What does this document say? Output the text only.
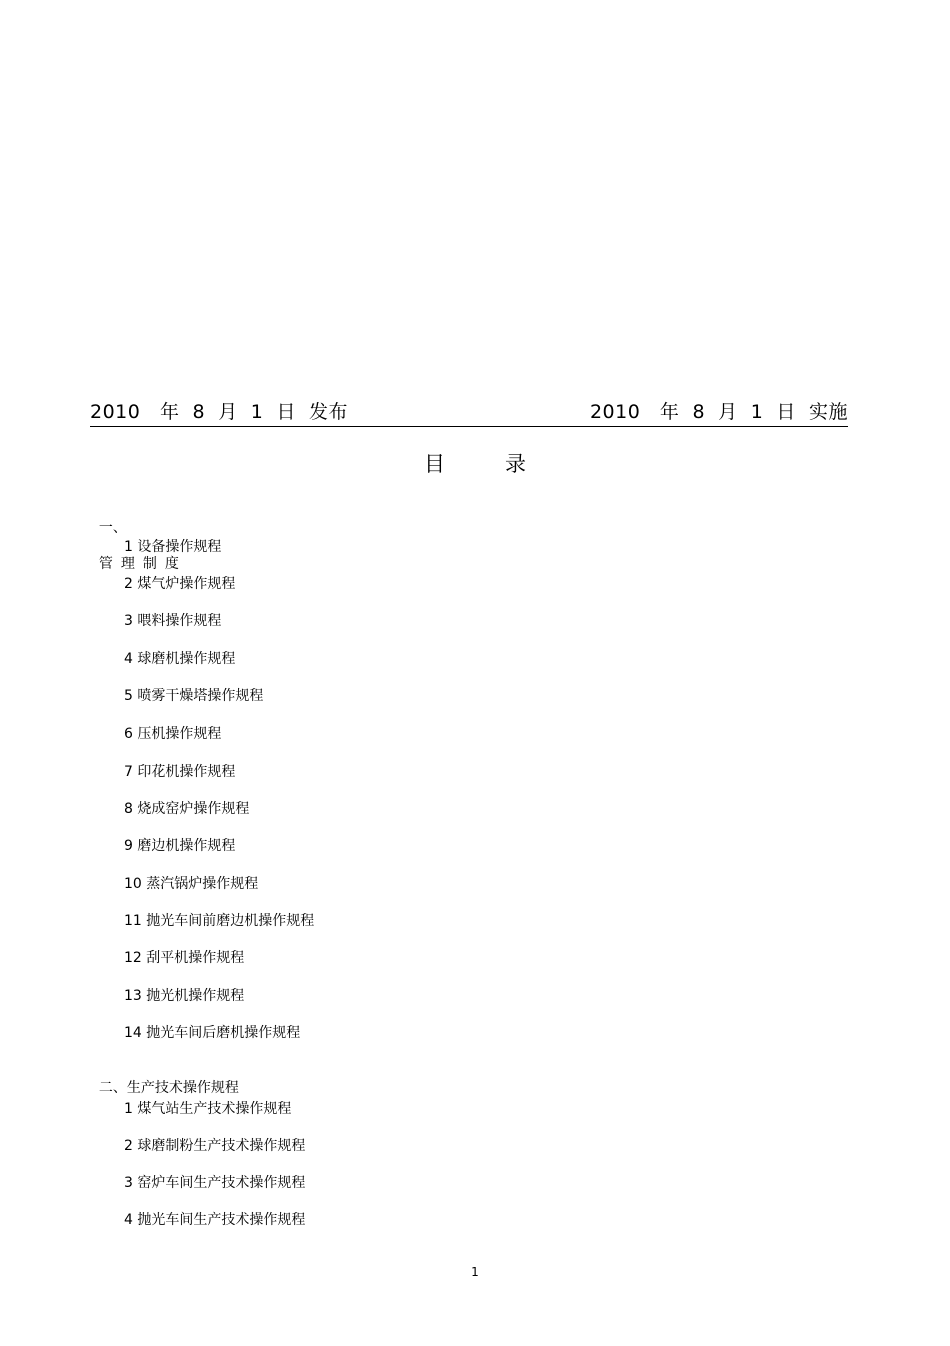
2010   年  8  月  1  日  发布	2010   年  8  月  1  日  实施
目录

一、

管理制度

1 设备操作规程
2 煤气炉操作规程
3 喂料操作规程
4 球磨机操作规程
5 喷雾干燥塔操作规程
6 压机操作规程
7 印花机操作规程
8 烧成窑炉操作规程
9 磨边机操作规程
10 蒸汽锅炉操作规程
11 抛光车间前磨边机操作规程
12 刮平机操作规程
13 抛光机操作规程
14 抛光车间后磨机操作规程

二、生产技术操作规程

1 煤气站生产技术操作规程
2 球磨制粉生产技术操作规程
3 窑炉车间生产技术操作规程
4 抛光车间生产技术操作规程
1
